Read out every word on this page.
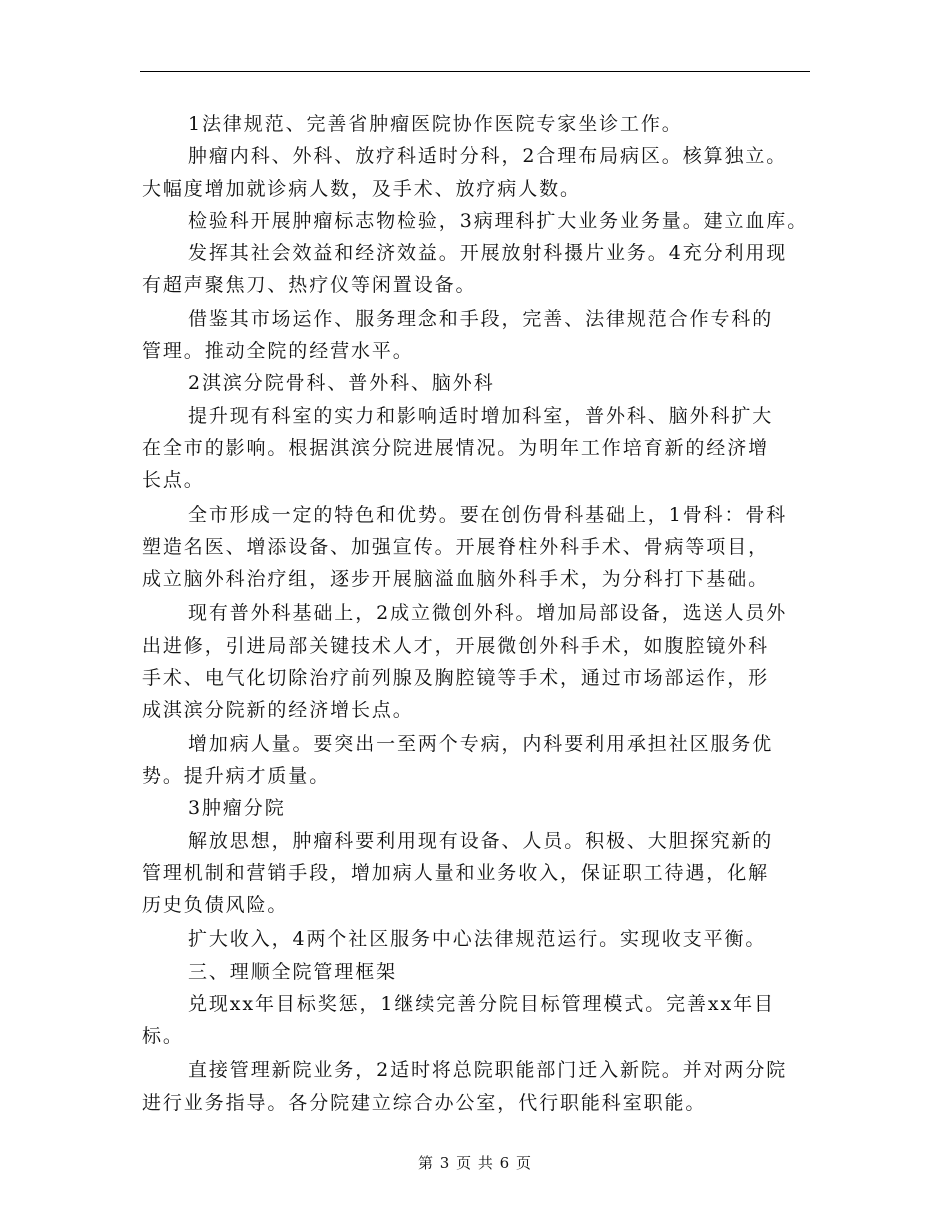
1法律规范、完善省肿瘤医院协作医院专家坐诊工作。
肿瘤内科、外科、放疗科适时分科，2合理布局病区。核算独立。
大幅度增加就诊病人数，及手术、放疗病人数。
检验科开展肿瘤标志物检验，3病理科扩大业务业务量。建立血库。
发挥其社会效益和经济效益。开展放射科摄片业务。4充分利用现
有超声聚焦刀、热疗仪等闲置设备。
借鉴其市场运作、服务理念和手段，完善、法律规范合作专科的
管理。推动全院的经营水平。
2淇滨分院骨科、普外科、脑外科
提升现有科室的实力和影响适时增加科室，普外科、脑外科扩大
在全市的影响。根据淇滨分院进展情况。为明年工作培育新的经济增
长点。
全市形成一定的特色和优势。要在创伤骨科基础上，1骨科：骨科
塑造名医、增添设备、加强宣传。开展脊柱外科手术、骨病等项目，
成立脑外科治疗组，逐步开展脑溢血脑外科手术，为分科打下基础。
现有普外科基础上，2成立微创外科。增加局部设备，选送人员外
出进修，引进局部关键技术人才，开展微创外科手术，如腹腔镜外科
手术、电气化切除治疗前列腺及胸腔镜等手术，通过市场部运作，形
成淇滨分院新的经济增长点。
增加病人量。要突出一至两个专病，内科要利用承担社区服务优
势。提升病才质量。
3肿瘤分院
解放思想，肿瘤科要利用现有设备、人员。积极、大胆探究新的
管理机制和营销手段，增加病人量和业务收入，保证职工待遇，化解
历史负债风险。
扩大收入，4两个社区服务中心法律规范运行。实现收支平衡。
三、理顺全院管理框架
兑现xx年目标奖惩，1继续完善分院目标管理模式。完善xx年目
标。
直接管理新院业务，2适时将总院职能部门迁入新院。并对两分院
进行业务指导。各分院建立综合办公室，代行职能科室职能。
第 3 页 共 6 页
